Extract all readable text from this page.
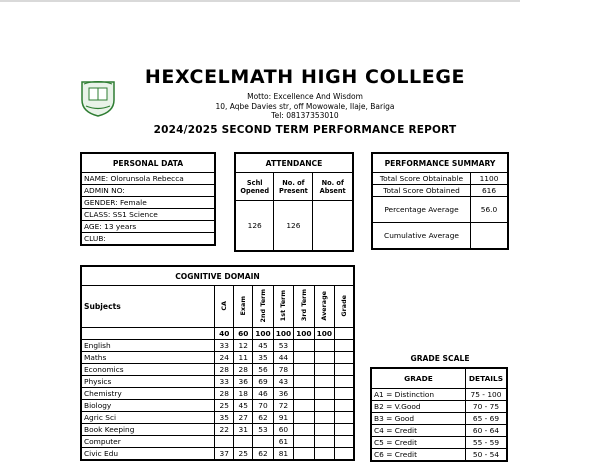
HEXCELMATH HIGH COLLEGE
Motto: Excellence And Wisdom
10, Aqbe Davies str, off Mowowale, Ilaje, Bariga
Tel: 08137353010
2024/2025 SECOND TERM PERFORMANCE REPORT
PERSONAL DATA
NAME: Olorunsola Rebecca
ADMIN NO:
GENDER: Female
CLASS: SS1 Science
AGE: 13 years
CLUB:
ATTENDANCE		
Schl Opened	No. of Present	No. of Absent
126	126	
PERFORMANCE SUMMARY	
Total Score Obtainable	1100
Total Score Obtained	616
Percentage Average	56.0
Cumulative Average	
COGNITIVE DOMAIN							
Subjects	CA	Exam	2nd Term	1st Term	3rd Term	Average	Grade
	40	60	100	100	100	100	
English	33	12	45	53			
Maths	24	11	35	44			
Economics	28	28	56	78			
Physics	33	36	69	43			
Chemistry	28	18	46	36			
Biology	25	45	70	72			
Agric Sci	35	27	62	91			
Book Keeping	22	31	53	60			
Computer				61			
Civic Edu	37	25	62	81			
GRADE SCALE
GRADE	DETAILS
A1 = Distinction	75 - 100
B2 = V.Good	70 - 75
B3 = Good	65 - 69
C4 = Credit	60 - 64
C5 = Credit	55 - 59
C6 = Credit	50 - 54
